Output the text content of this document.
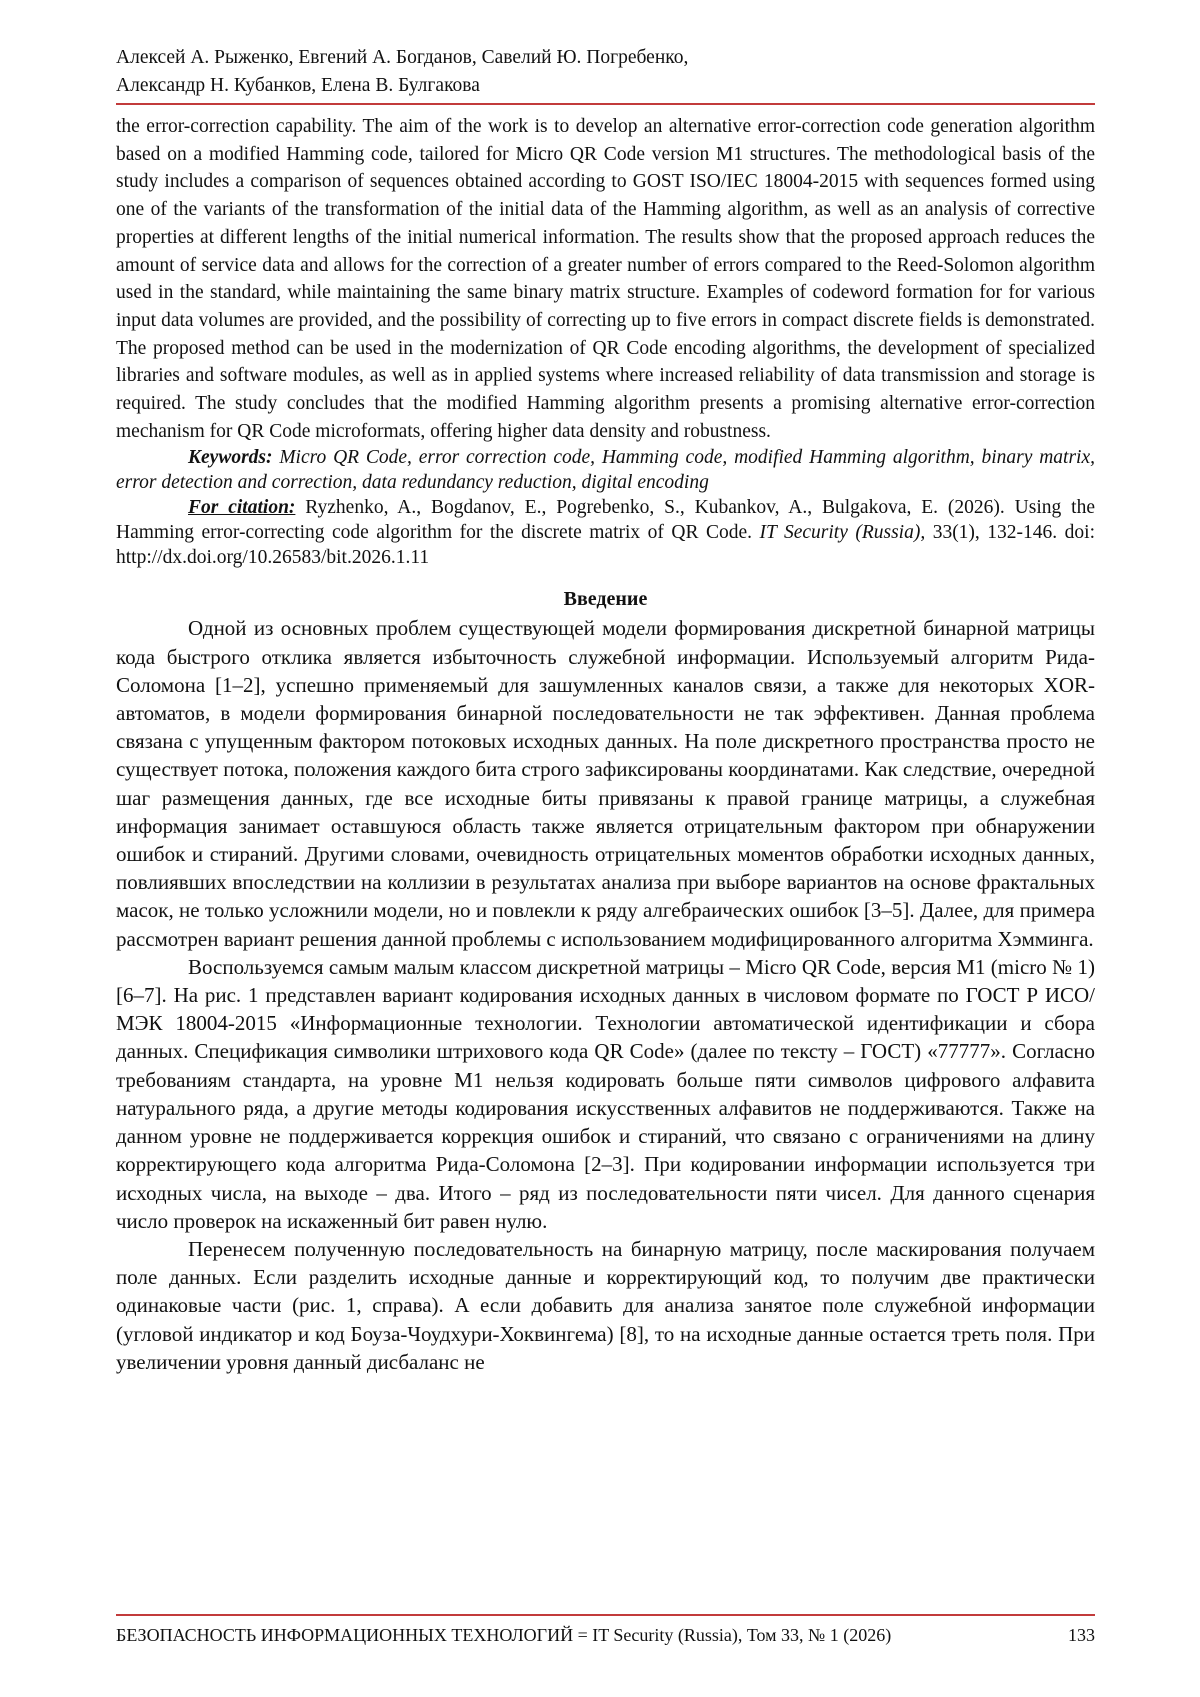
Алексей А. Рыженко, Евгений А. Богданов, Савелий Ю. Погребенко,
Александр Н. Кубанков, Елена В. Булгакова

the error-correction capability. The aim of the work is to develop an alternative error-correction code generation algorithm based on a modified Hamming code, tailored for Micro QR Code version M1 structures. The methodological basis of the study includes a comparison of sequences obtained according to GOST ISO/IEC 18004-2015 with sequences formed using one of the variants of the transformation of the initial data of the Hamming algorithm, as well as an analysis of corrective properties at different lengths of the initial numerical information. The results show that the proposed approach reduces the amount of service data and allows for the correction of a greater number of errors compared to the Reed-Solomon algorithm used in the standard, while maintaining the same binary matrix structure. Examples of codeword formation for for various input data volumes are provided, and the possibility of correcting up to five errors in compact discrete fields is demonstrated. The proposed method can be used in the modernization of QR Code encoding algorithms, the development of specialized libraries and software modules, as well as in applied systems where increased reliability of data transmission and storage is required. The study concludes that the modified Hamming algorithm presents a promising alternative error-correction mechanism for QR Code microformats, offering higher data density and robustness.

Keywords: Micro QR Code, error correction code, Hamming code, modified Hamming algorithm, binary matrix, error detection and correction, data redundancy reduction, digital encoding

For citation: Ryzhenko, A., Bogdanov, E., Pogrebenko, S., Kubankov, A., Bulgakova, E. (2026). Using the Hamming error-correcting code algorithm for the discrete matrix of QR Code. IT Security (Russia), 33(1), 132-146. doi: http://dx.doi.org/10.26583/bit.2026.1.11

Введение

Одной из основных проблем существующей модели формирования дискретной бинарной матрицы кода быстрого отклика является избыточность служебной информации. Используемый алгоритм Рида-Соломона [1–2], успешно применяемый для зашумленных каналов связи, а также для некоторых XOR-автоматов, в модели формирования бинарной последовательности не так эффективен. Данная проблема связана с упущенным фактором потоковых исходных данных. На поле дискретного пространства просто не существует потока, положения каждого бита строго зафиксированы координатами. Как следствие, очередной шаг размещения данных, где все исходные биты привязаны к правой границе матрицы, а служебная информация занимает оставшуюся область также является отрицательным фактором при обнаружении ошибок и стираний. Другими словами, очевидность отрицательных моментов обработки исходных данных, повлиявших впоследствии на коллизии в результатах анализа при выборе вариантов на основе фрактальных масок, не только усложнили модели, но и повлекли к ряду алгебраических ошибок [3–5]. Далее, для примера рассмотрен вариант решения данной проблемы с использованием модифицированного алгоритма Хэмминга.

Воспользуемся самым малым классом дискретной матрицы – Micro QR Code, версия M1 (micro № 1) [6–7]. На рис. 1 представлен вариант кодирования исходных данных в числовом формате по ГОСТ Р ИСО/МЭК 18004-2015 «Информационные технологии. Технологии автоматической идентификации и сбора данных. Спецификация символики штрихового кода QR Code» (далее по тексту – ГОСТ) «77777». Согласно требованиям стандарта, на уровне M1 нельзя кодировать больше пяти символов цифрового алфавита натурального ряда, а другие методы кодирования искусственных алфавитов не поддерживаются. Также на данном уровне не поддерживается коррекция ошибок и стираний, что связано с ограничениями на длину корректирующего кода алгоритма Рида-Соломона [2–3]. При кодировании информации используется три исходных числа, на выходе – два. Итого – ряд из последовательности пяти чисел. Для данного сценария число проверок на искаженный бит равен нулю.

Перенесем полученную последовательность на бинарную матрицу, после маскирования получаем поле данных. Если разделить исходные данные и корректирующий код, то получим две практически одинаковые части (рис. 1, справа). А если добавить для анализа занятое поле служебной информации (угловой индикатор и код Боуза-Чоудхури-Хоквингема) [8], то на исходные данные остается треть поля. При увеличении уровня данный дисбаланс не

БЕЗОПАСНОСТЬ ИНФОРМАЦИОННЫХ ТЕХНОЛОГИЙ = IT Security (Russia), Том 33, № 1 (2026)	133
